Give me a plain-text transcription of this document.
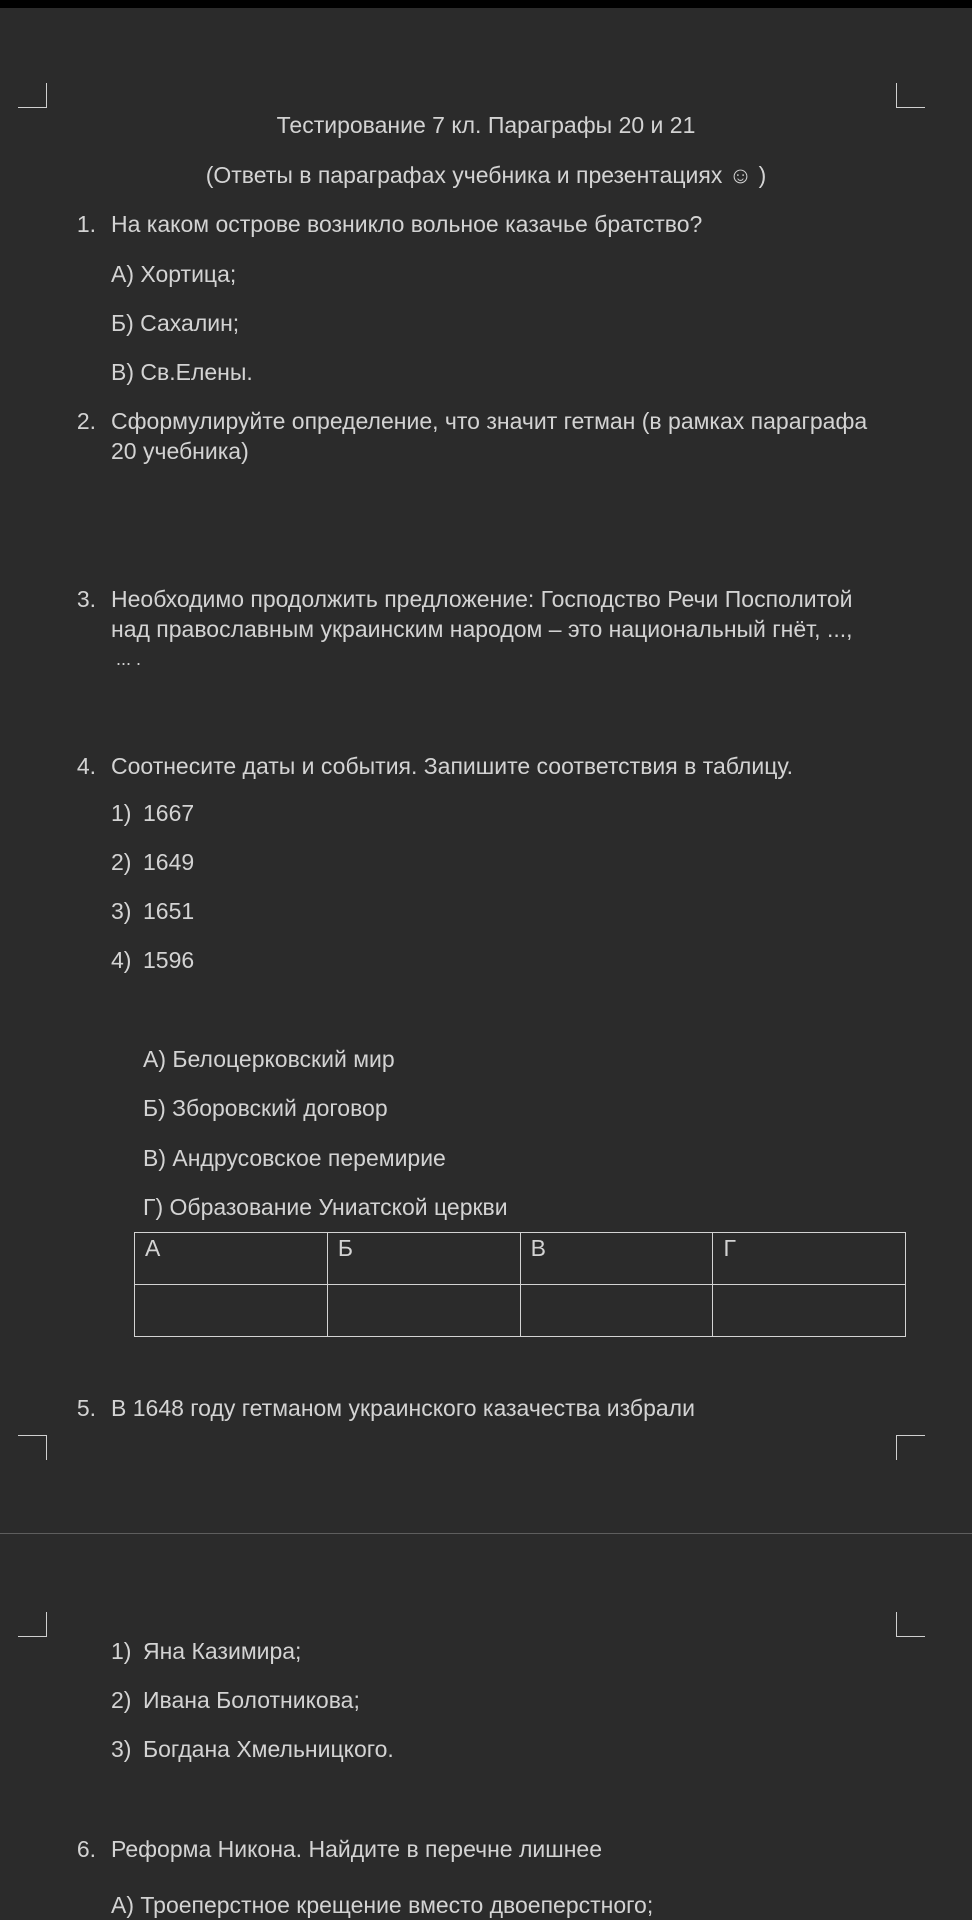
Тестирование 7 кл. Параграфы 20 и 21
(Ответы в параграфах учебника и презентациях ☺ )
1. На каком острове возникло вольное казачье братство?
А) Хортица;
Б) Сахалин;
В) Св.Елены.
2. Сформулируйте определение, что значит гетман (в рамках параграфа
20 учебника)
3. Необходимо продолжить предложение: Господство Речи Посполитой
над православным украинским народом – это национальный гнёт, ...,
... .
4. Соотнесите даты и события. Запишите соответствия в таблицу.
1) 1667
2) 1649
3) 1651
4) 1596
А) Белоцерковский мир
Б) Зборовский договор
В) Андрусовское перемирие
Г) Образование Униатской церкви
5. В 1648 году гетманом украинского казачества избрали
А	Б	В	Г

1) Яна Казимира;
2) Ивана Болотникова;
3) Богдана Хмельницкого.
6. Реформа Никона. Найдите в перечне лишнее
А) Троеперстное крещение вместо двоеперстного;
